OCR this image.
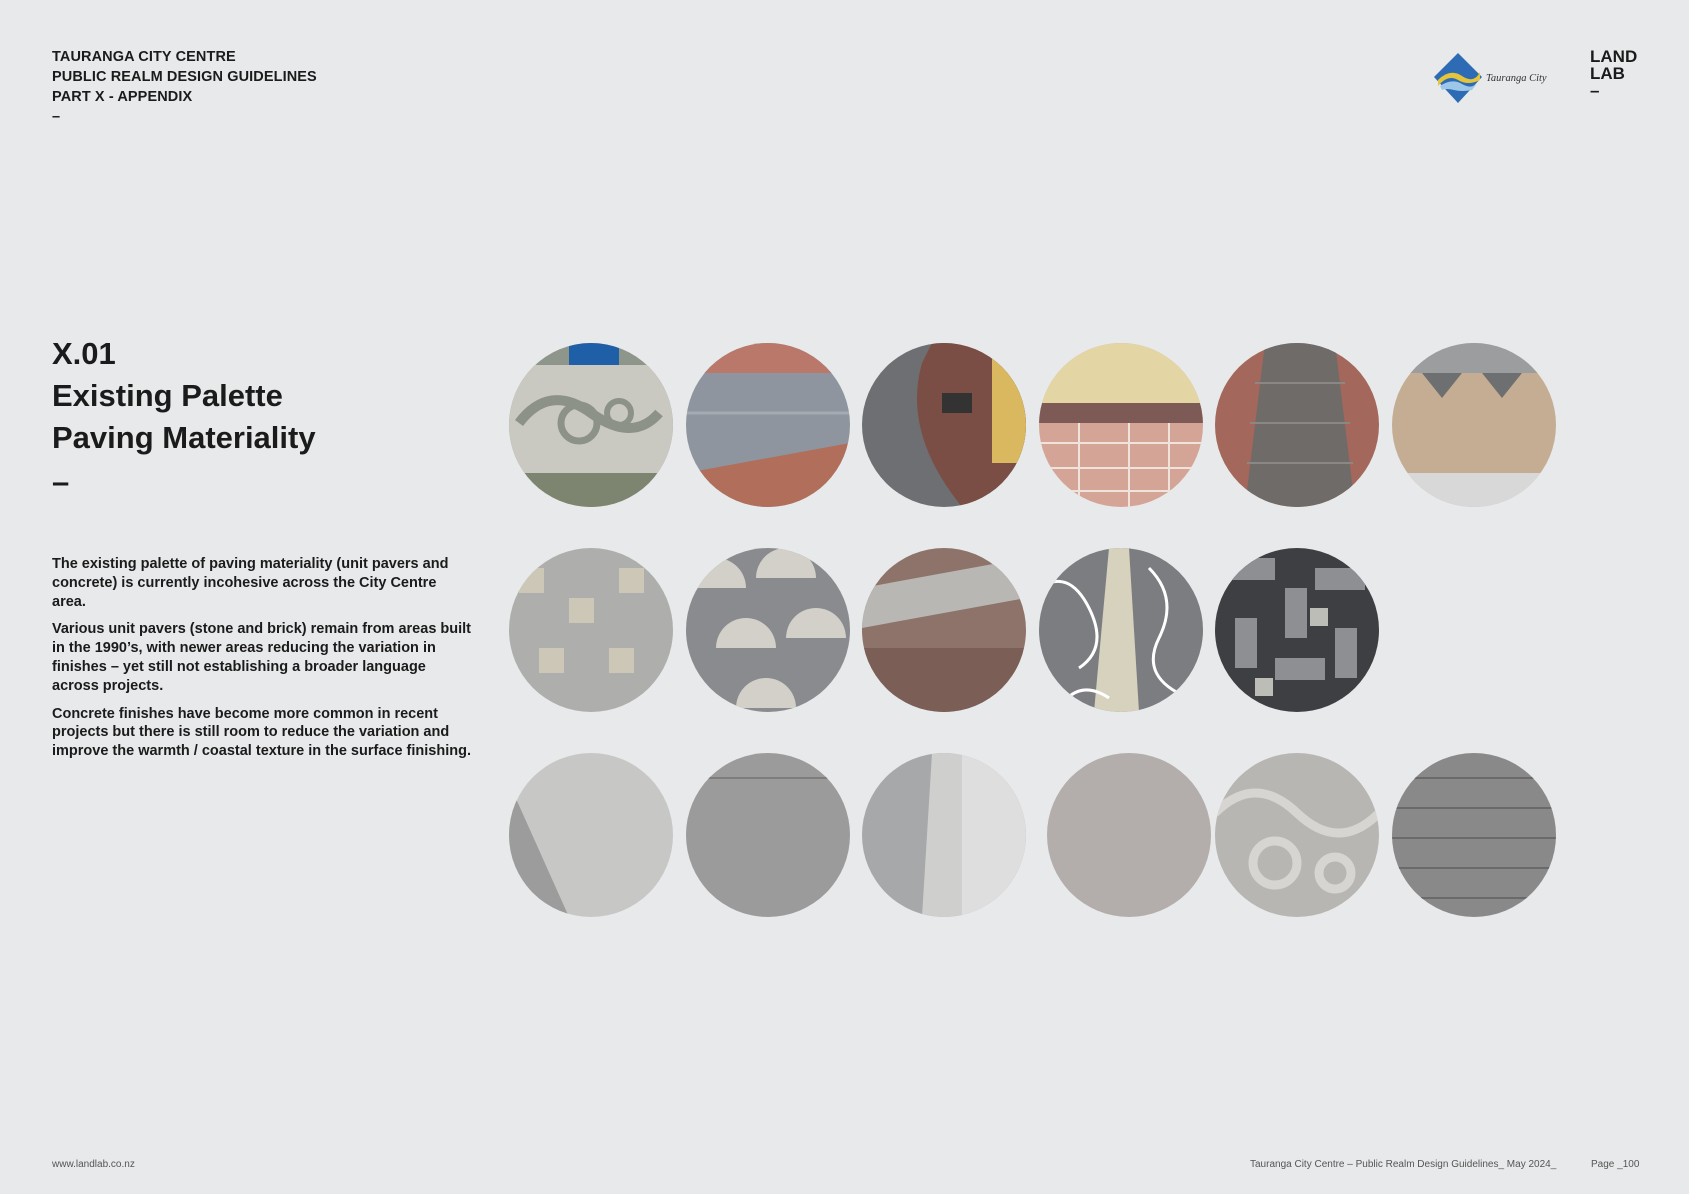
TAURANGA CITY CENTRE
PUBLIC REALM DESIGN GUIDELINES
PART X - APPENDIX
–
Tauranga City
LAND
LAB
–
X.01
Existing Palette
Paving Materiality
–

The existing palette of paving materiality (unit pavers and concrete) is currently incohesive across the City Centre area.

Various unit pavers (stone and brick) remain from areas built in the 1990’s, with newer areas reducing the variation in finishes – yet still not establishing a broader language across projects.

Concrete finishes have become more common in recent projects but there is still room to reduce the variation and improve the warmth / coastal texture in the surface finishing.

www.landlab.co.nz	Tauranga City Centre – Public Realm Design Guidelines_ May 2024_	Page _100
